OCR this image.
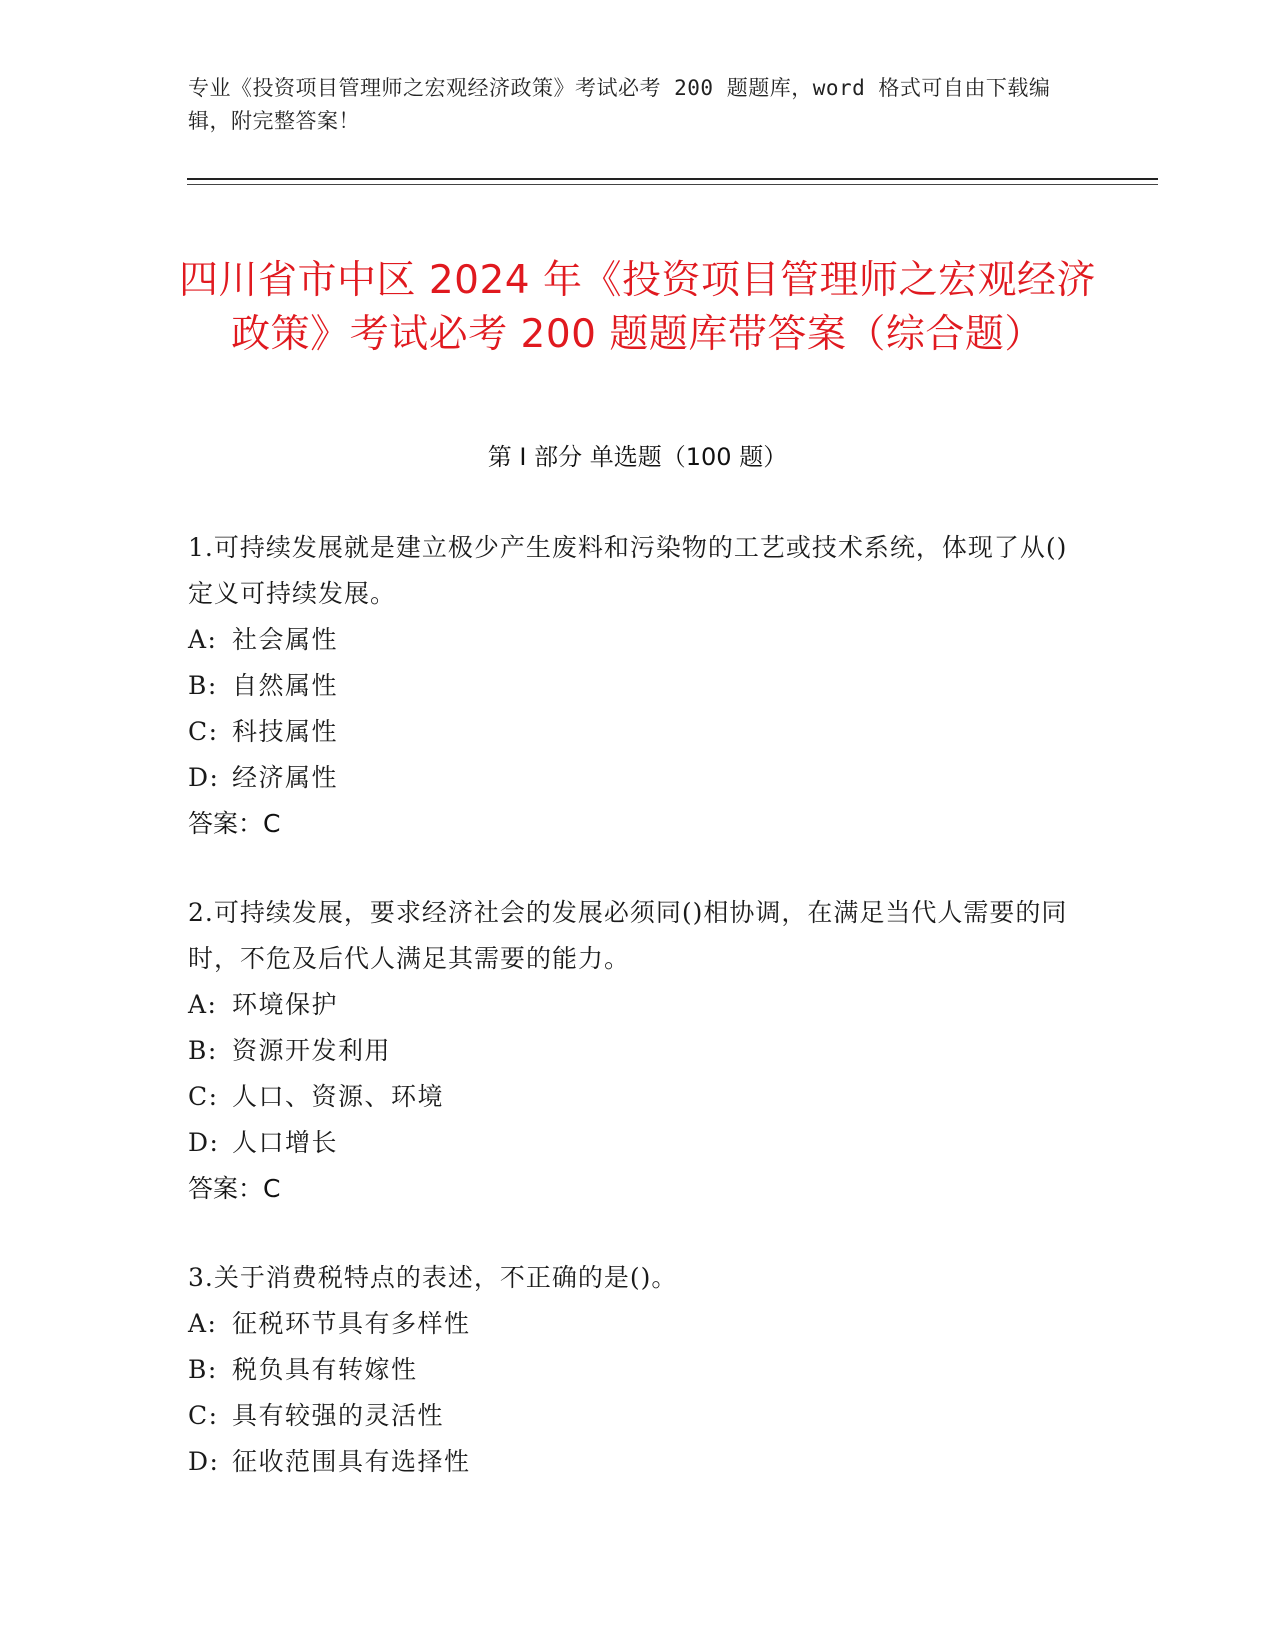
专业《投资项目管理师之宏观经济政策》考试必考 200 题题库，word 格式可自由下载编辑，附完整答案！
四川省市中区 2024 年《投资项目管理师之宏观经济政策》考试必考 200 题题库带答案（综合题）
第 I 部分 单选题（100 题）

1.可持续发展就是建立极少产生废料和污染物的工艺或技术系统，体现了从()定义可持续发展。

A: 社会属性

B: 自然属性

C: 科技属性

D: 经济属性

答案：C

2.可持续发展，要求经济社会的发展必须同()相协调，在满足当代人需要的同时，不危及后代人满足其需要的能力。

A: 环境保护

B: 资源开发利用

C: 人口、资源、环境

D: 人口增长

答案：C

3.关于消费税特点的表述，不正确的是()。

A: 征税环节具有多样性

B: 税负具有转嫁性

C: 具有较强的灵活性

D: 征收范围具有选择性
